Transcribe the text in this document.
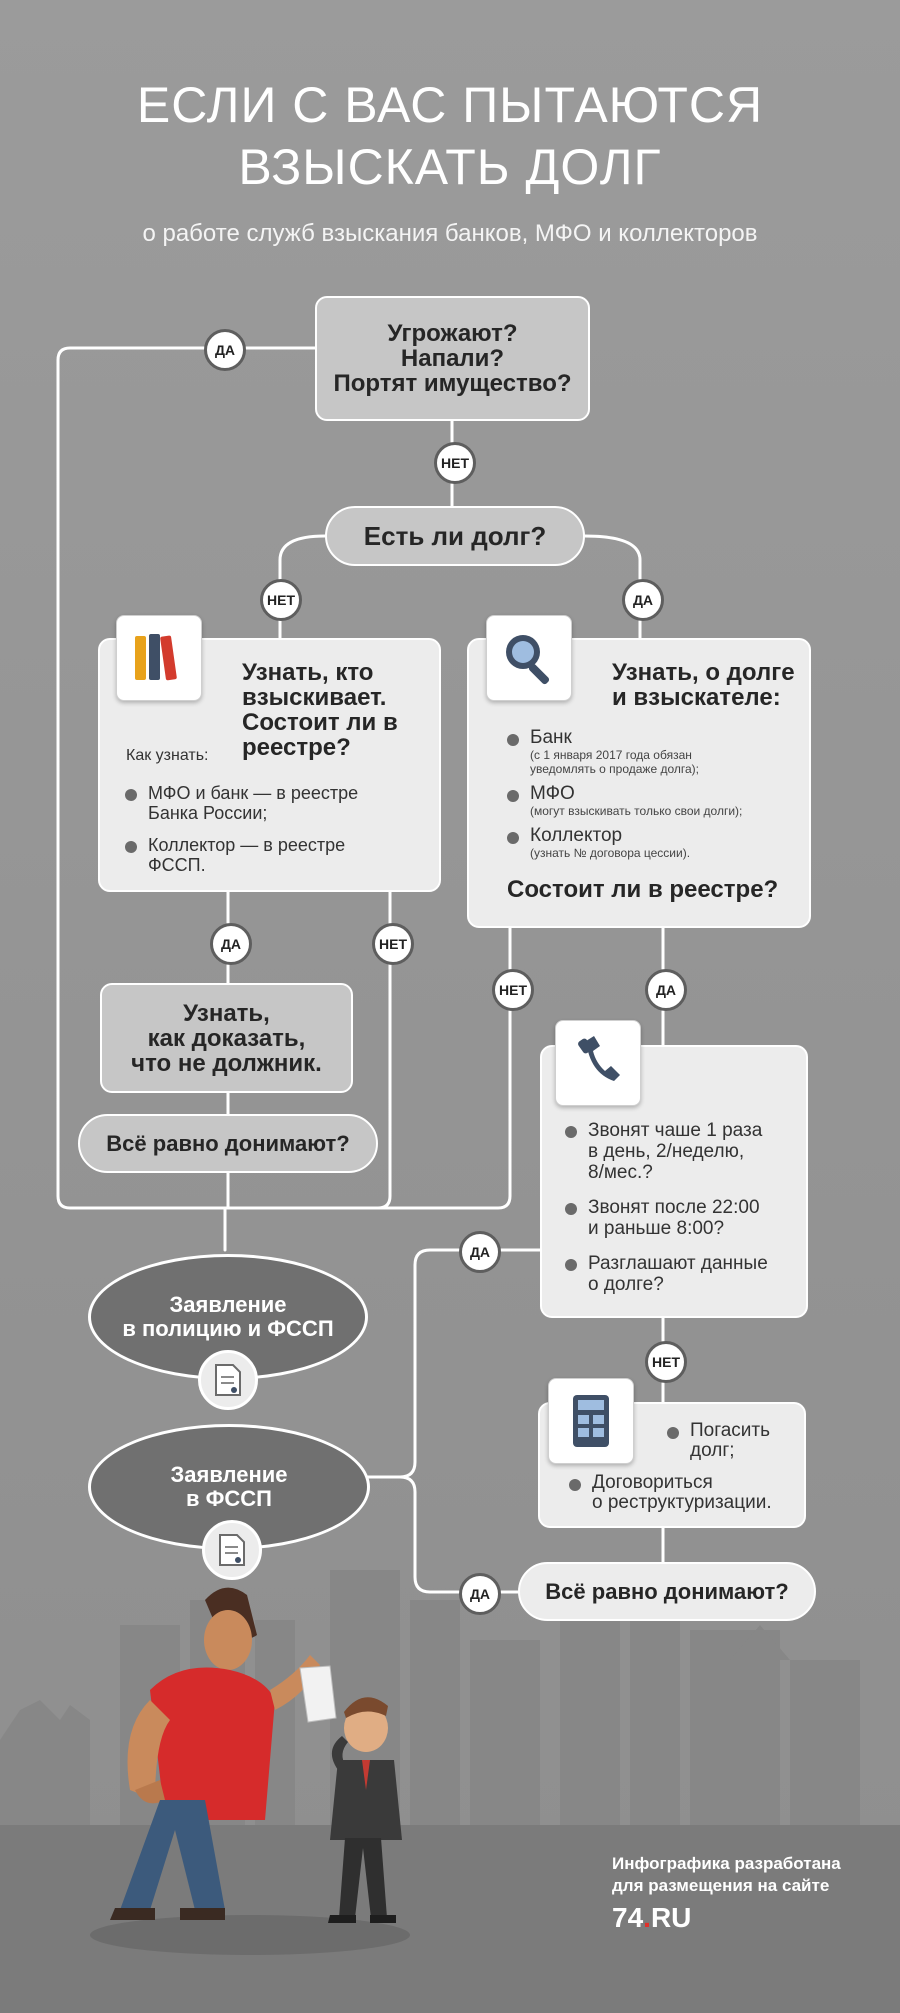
ЕСЛИ С ВАС ПЫТАЮТСЯ
ВЗЫСКАТЬ ДОЛГ
о работе служб взыскания банков, МФО и коллекторов
Угрожают?
Напали?
Портят имущество?
Есть ли долг?
Узнать, кто
взыскивает.
Состоит ли в
реестре?
Как узнать:
МФО и банк — в реестре
Банка России;
Коллектор — в реестре
ФССП.
Узнать, о долге
и взыскателе:
Банк
(с 1 января 2017 года обязан
уведомлять о продаже долга);
МФО
(могут взыскивать только свои долги);
Коллектор
(узнать № договора цессии).
Состоит ли в реестре?
Узнать,
как доказать,
что не должник.
Всё равно донимают?
Звонят чаше 1 раза
в день, 2/неделю,
8/мес.?
Звонят после 22:00
и раньше 8:00?
Разглашают данные
о долге?
Погасить
долг;
Договориться
о реструктуризации.
Всё равно донимают?
Заявление
в полицию и ФССП
Заявление
в ФССП
ДА
НЕТ
НЕТ	ДА
ДА	НЕТ
НЕТ	ДА
ДА
НЕТ
ДА
Инфографика разработана
для размещения на сайте
74.RU
